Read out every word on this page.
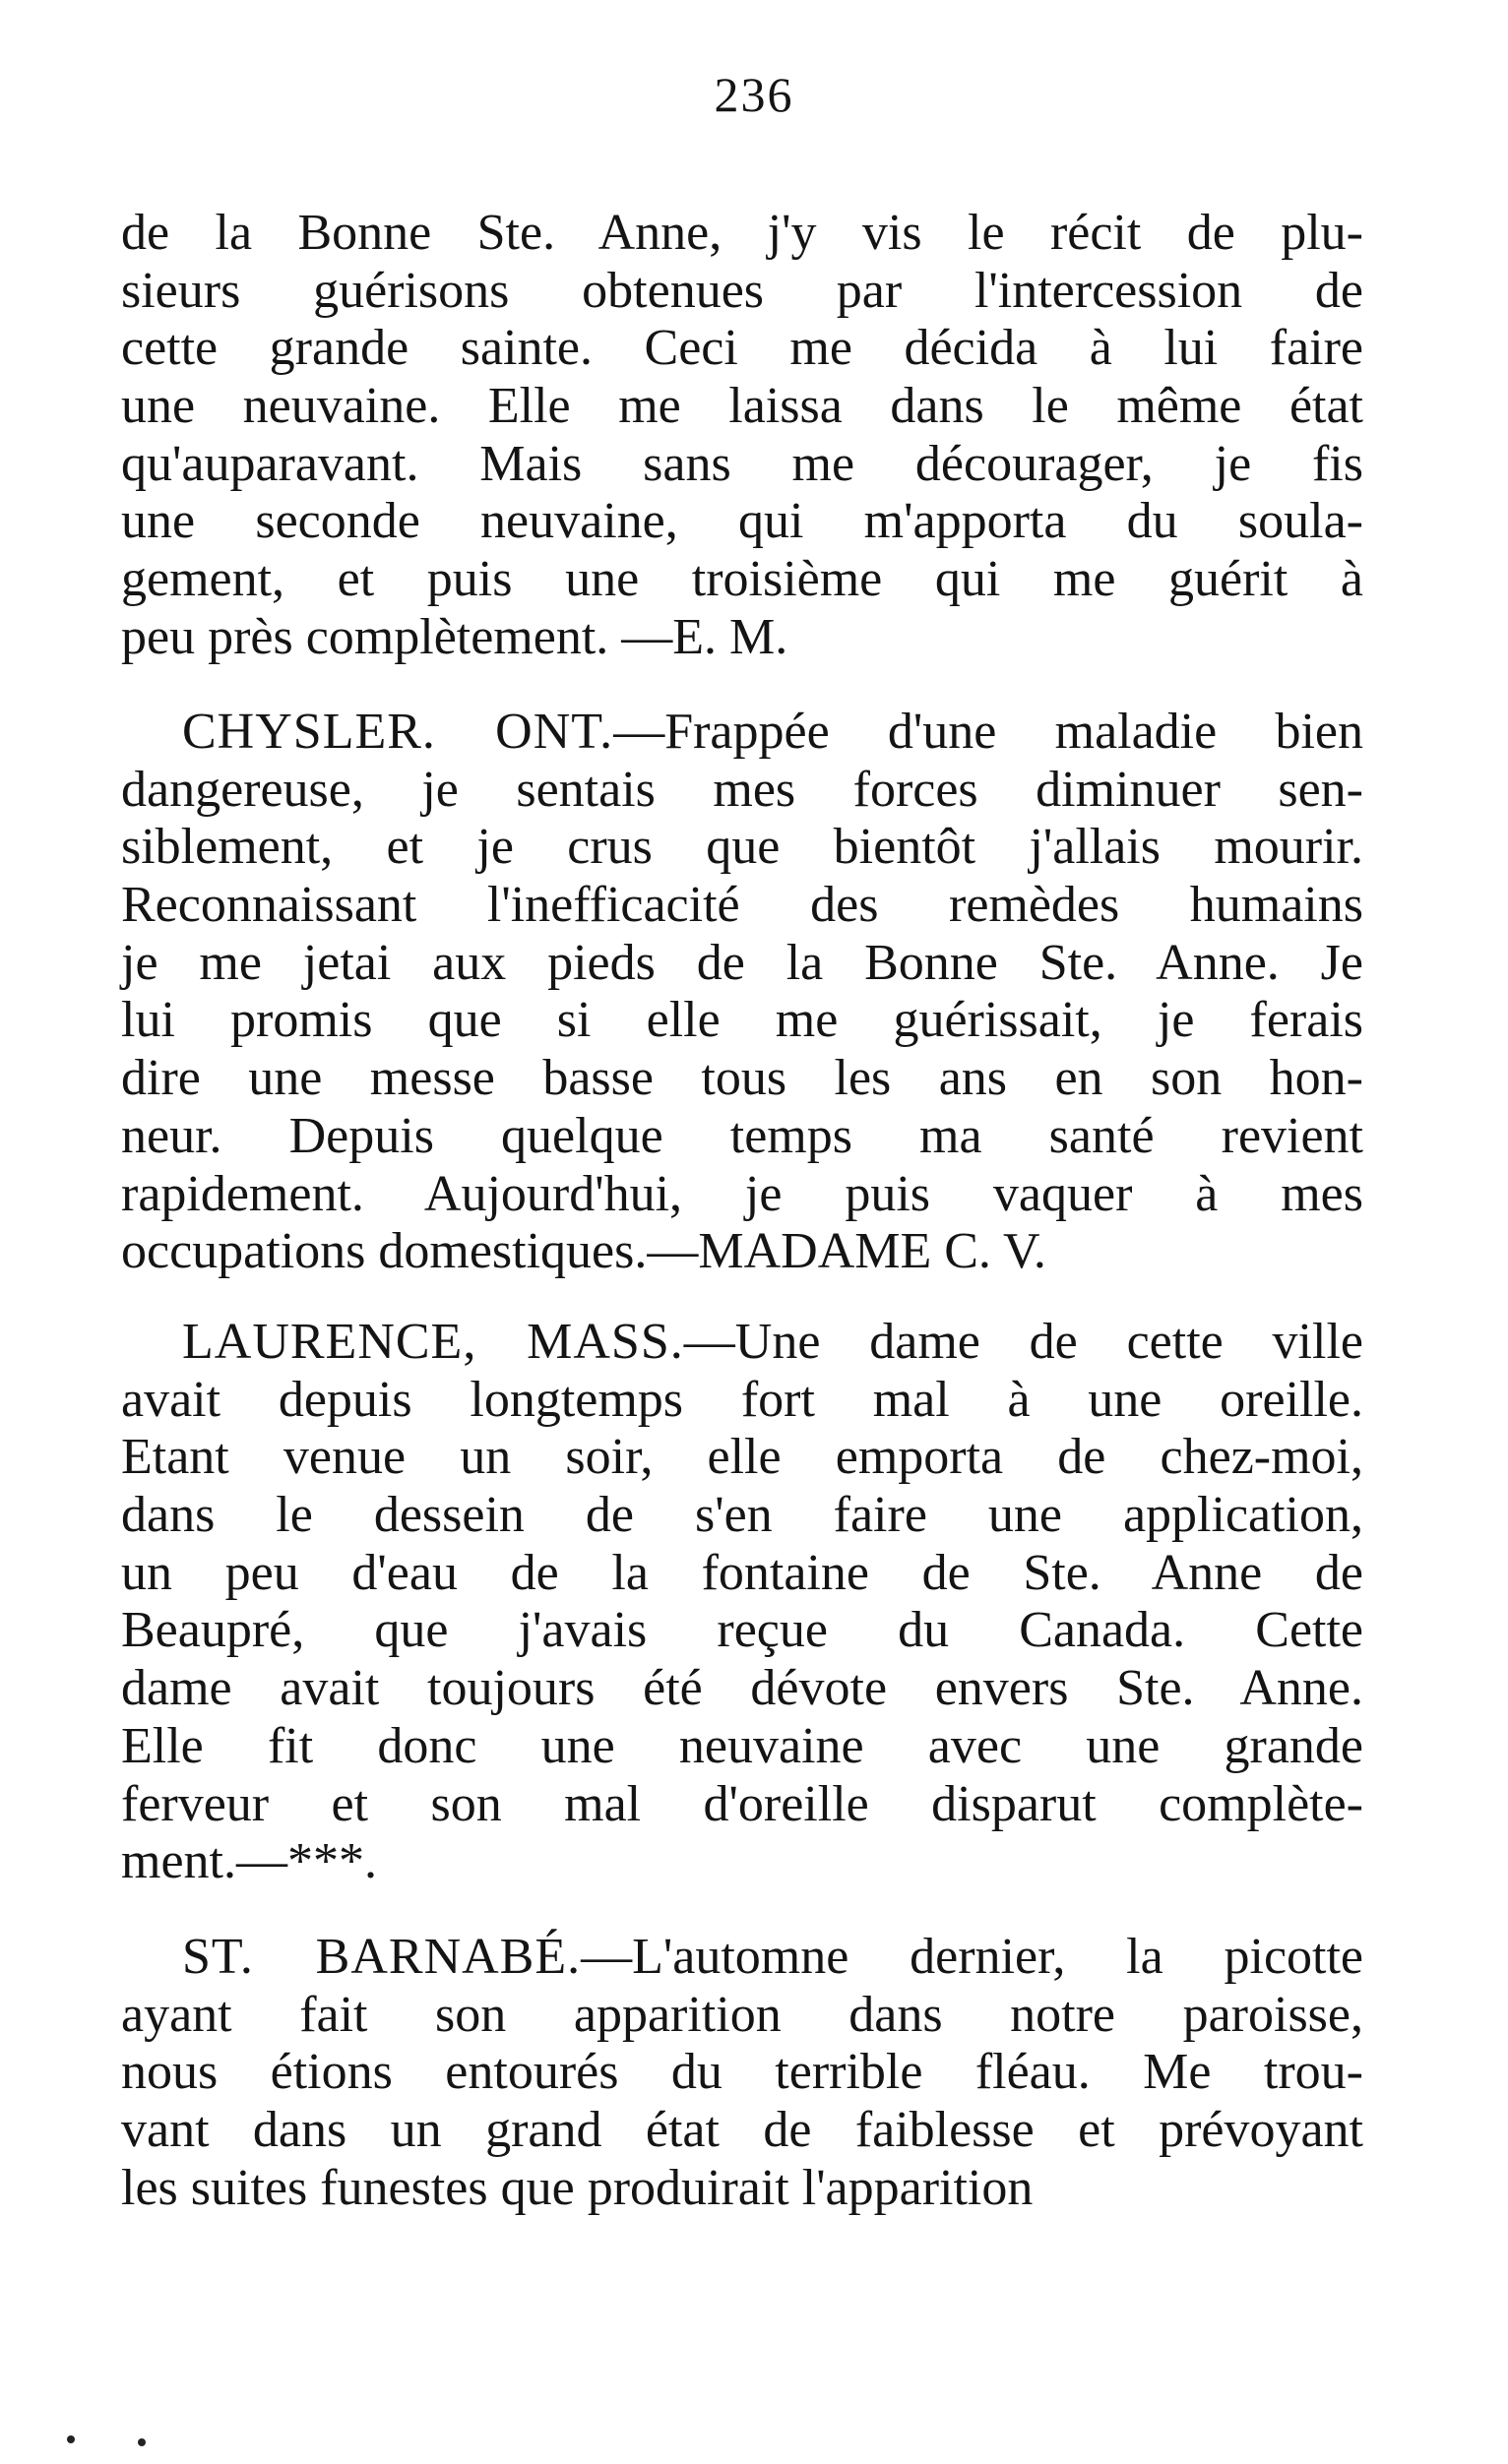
236
de la Bonne Ste. Anne, j'y vis le récit de plu-
sieurs guérisons obtenues par l'intercession de
cette grande sainte. Ceci me décida à lui faire
une neuvaine. Elle me laissa dans le même état
qu'auparavant. Mais sans me décourager, je fis
une seconde neuvaine, qui m'apporta du soula-
gement, et puis une troisième qui me guérit à
peu près complètement. —E. M.
CHYSLER. ONT.—Frappée d'une maladie bien
dangereuse, je sentais mes forces diminuer sen-
siblement, et je crus que bientôt j'allais mourir.
Reconnaissant l'inefficacité des remèdes humains
je me jetai aux pieds de la Bonne Ste. Anne. Je
lui promis que si elle me guérissait, je ferais
dire une messe basse tous les ans en son hon-
neur. Depuis quelque temps ma santé revient
rapidement. Aujourd'hui, je puis vaquer à mes
occupations domestiques.—MADAME C. V.
LAURENCE, MASS.—Une dame de cette ville
avait depuis longtemps fort mal à une oreille.
Etant venue un soir, elle emporta de chez-moi,
dans le dessein de s'en faire une application,
un peu d'eau de la fontaine de Ste. Anne de
Beaupré, que j'avais reçue du Canada. Cette
dame avait toujours été dévote envers Ste. Anne.
Elle fit donc une neuvaine avec une grande
ferveur et son mal d'oreille disparut complète-
ment.—***.
ST. BARNABÉ.—L'automne dernier, la picotte
ayant fait son apparition dans notre paroisse,
nous étions entourés du terrible fléau. Me trou-
vant dans un grand état de faiblesse et prévoyant
les suites funestes que produirait l'apparition
